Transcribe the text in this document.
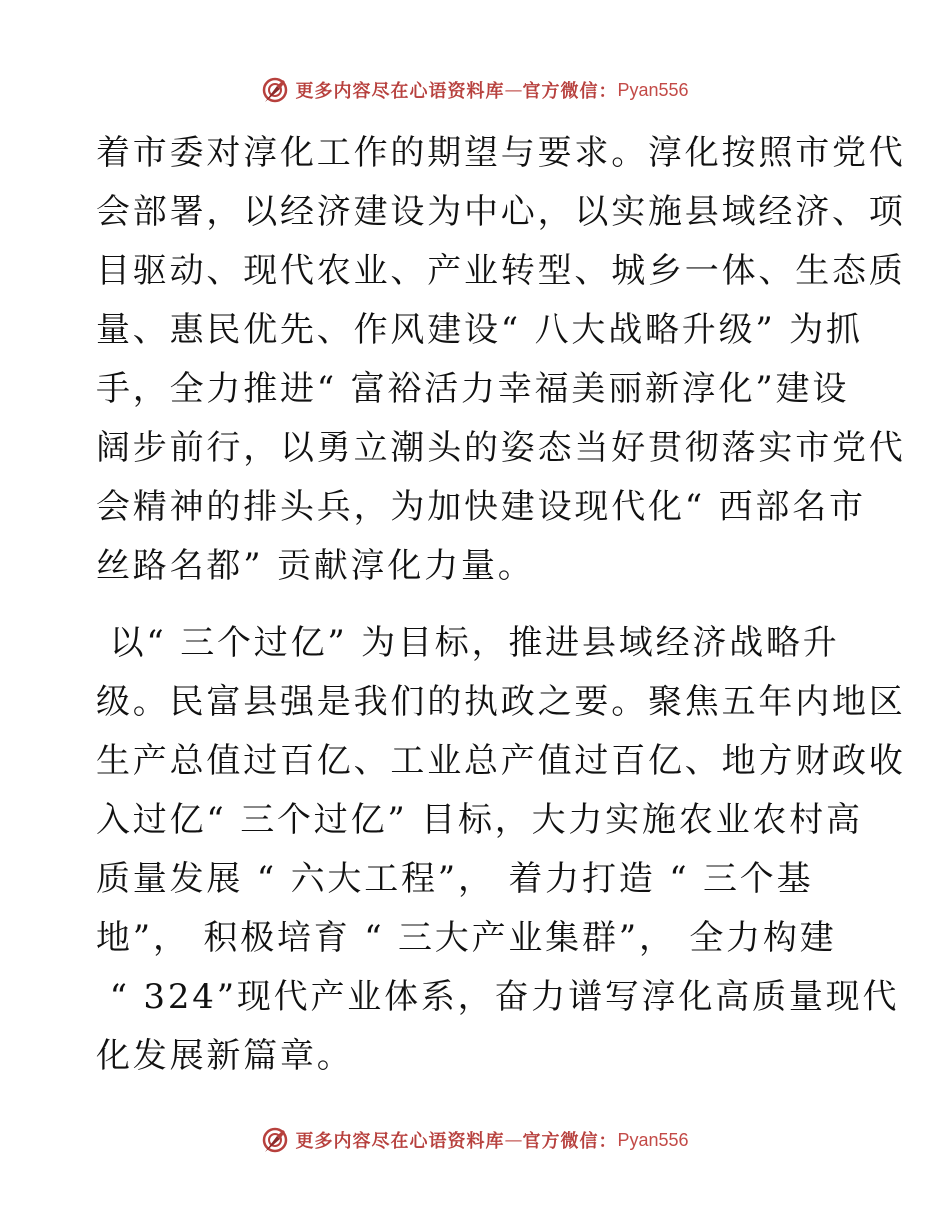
更多内容尽在心语资料库 — 官方微信： Pyan556
着市委对淳化工作的期望与要求。淳化按照市党代
会部署，以经济建设为中心，以实施县域经济、项
目驱动、现代农业、产业转型、城乡一体、生态质
量、惠民优先、作风建设“ 八大战略升级” 为抓
手，全力推进“ 富裕活力幸福美丽新淳化”建设
阔步前行，以勇立潮头的姿态当好贯彻落实市党代
会精神的排头兵，为加快建设现代化“ 西部名市
丝路名都” 贡献淳化力量。
以“ 三个过亿” 为目标，推进县域经济战略升
级。民富县强是我们的执政之要。聚焦五年内地区
生产总值过百亿、工业总产值过百亿、地方财政收
入过亿“ 三个过亿” 目标，大力实施农业农村高
质量发展 “ 六大工程”， 着力打造 “ 三个基
地”， 积极培育 “ 三大产业集群”， 全力构建
“ 324”现代产业体系，奋力谱写淳化高质量现代
化发展新篇章。
更多内容尽在心语资料库 — 官方微信： Pyan556
